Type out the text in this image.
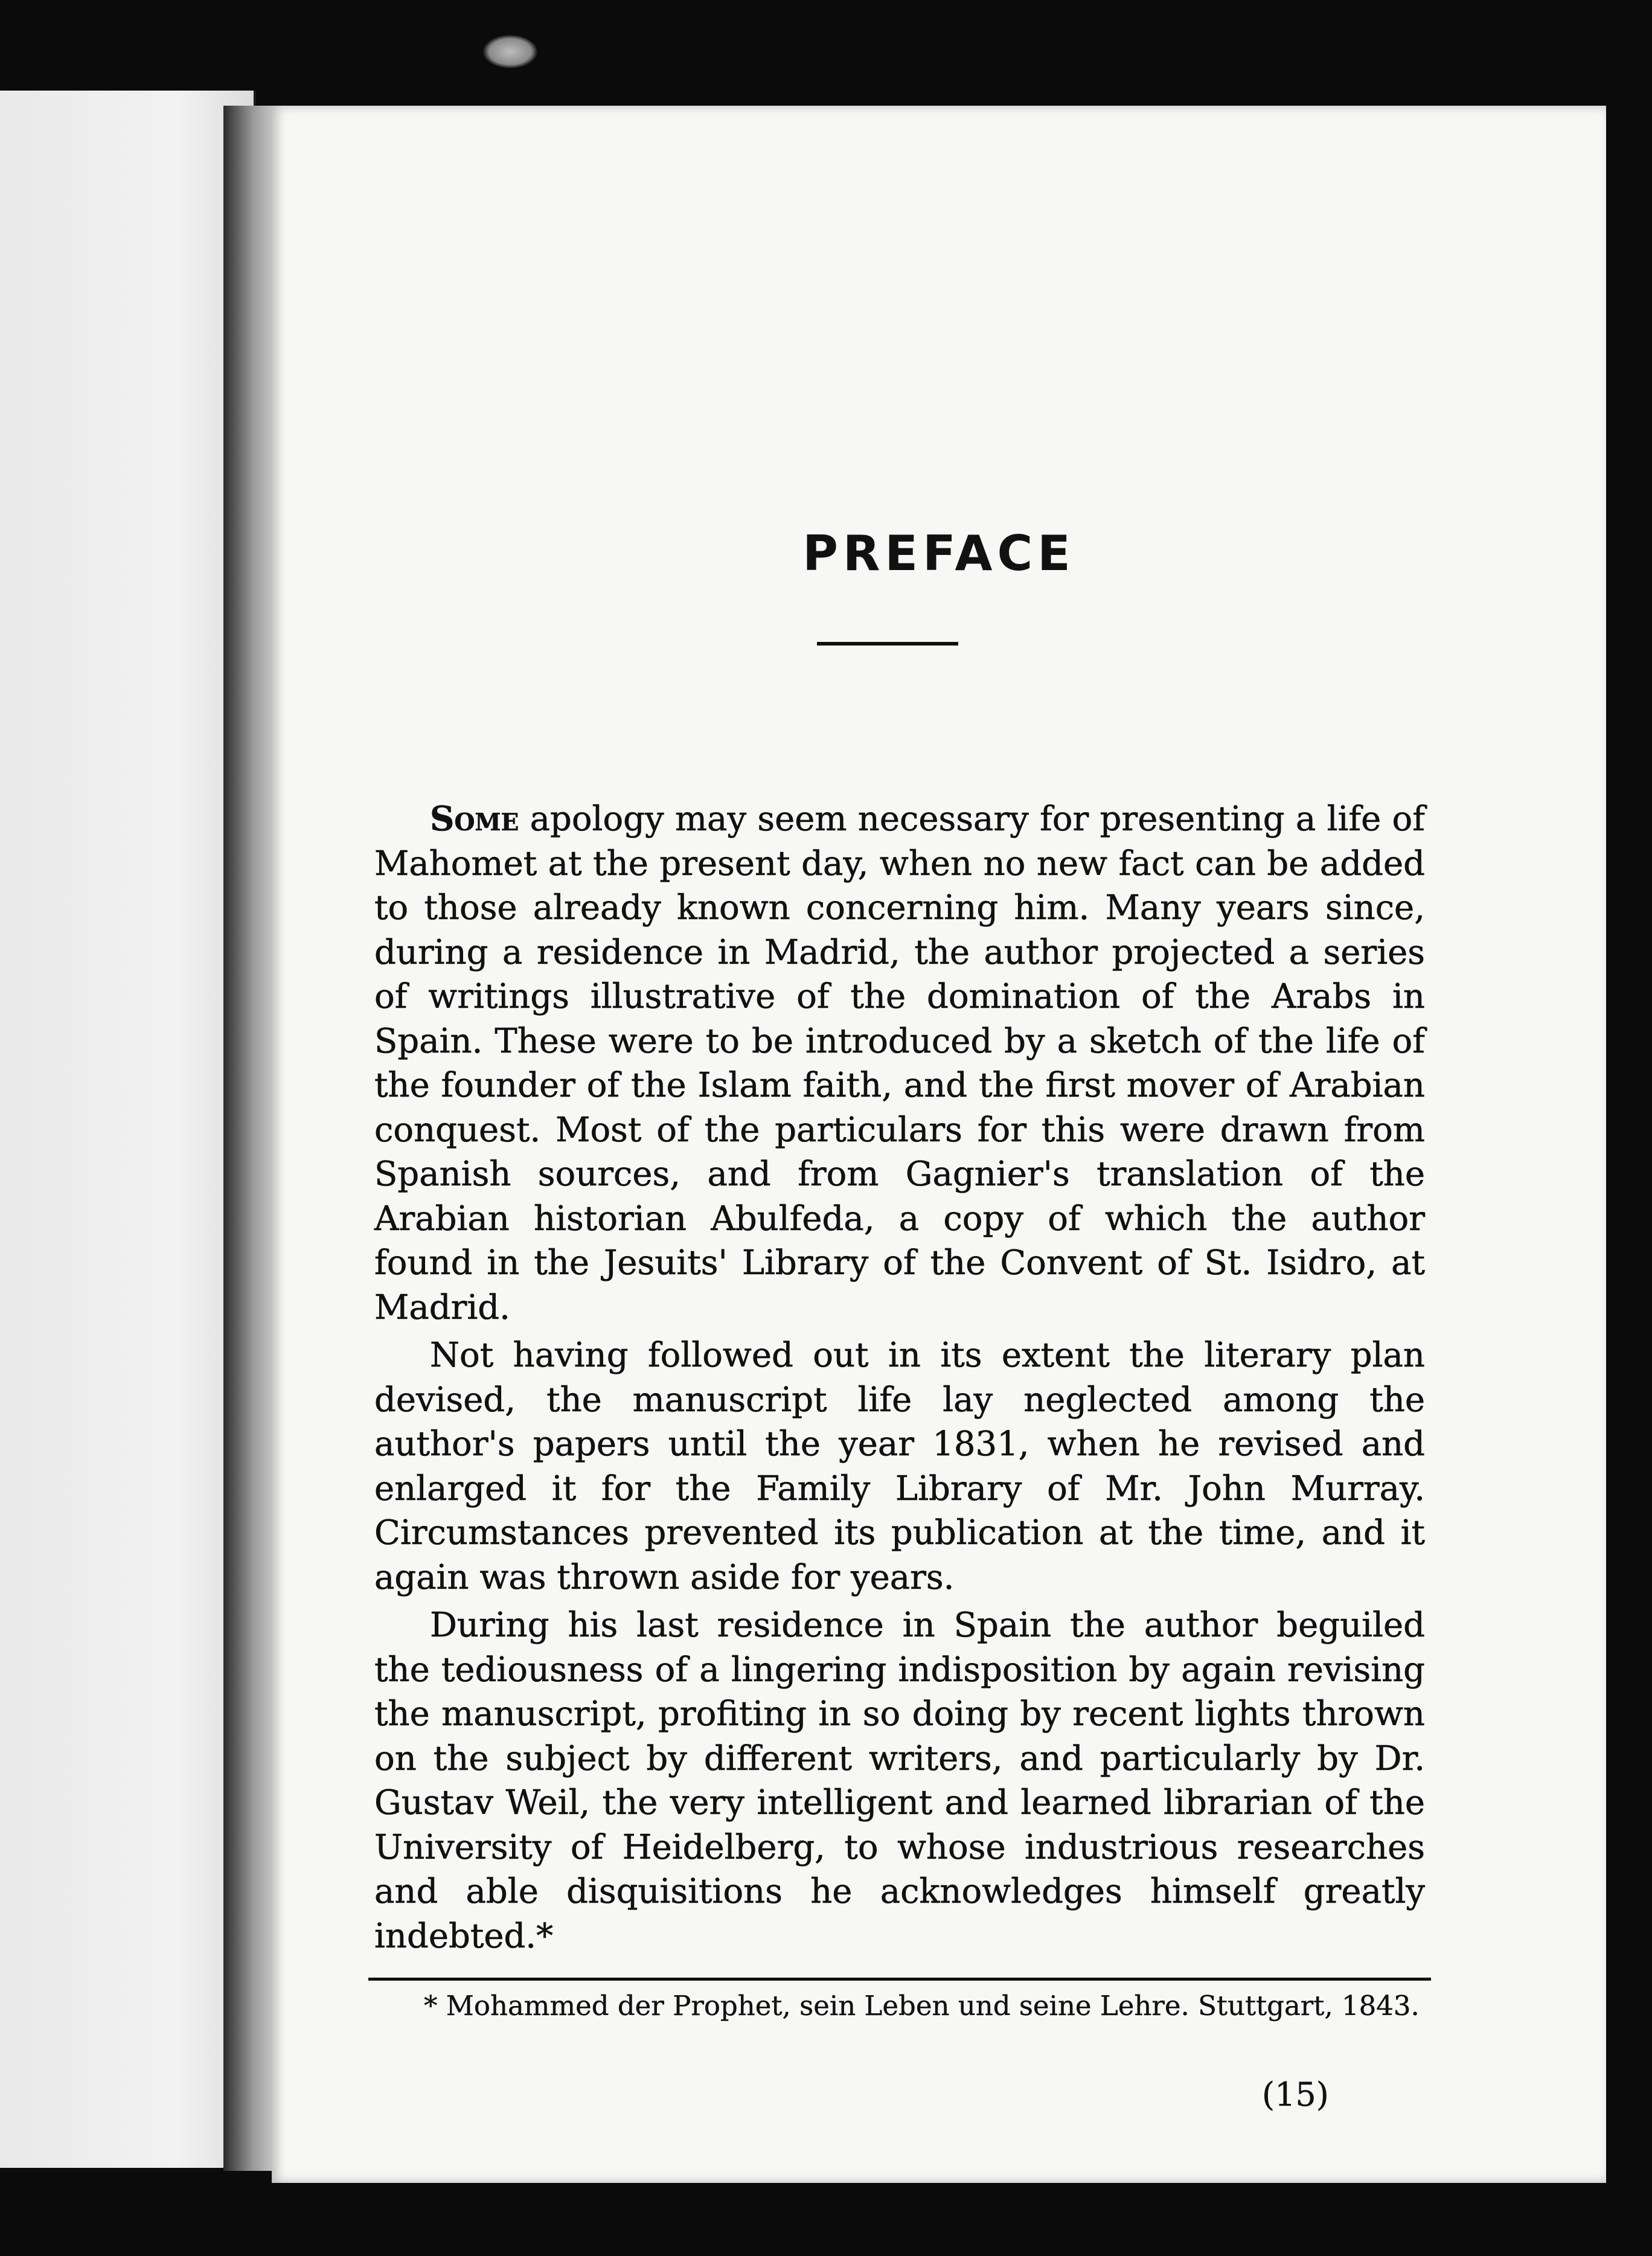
PREFACE

Some apology may seem necessary for presenting a life of Mahomet at the present day, when no new fact can be added to those already known concerning him. Many years since, during a residence in Madrid, the author projected a series of writings illustrative of the domination of the Arabs in Spain. These were to be introduced by a sketch of the life of the founder of the Islam faith, and the first mover of Arabian conquest. Most of the particulars for this were drawn from Spanish sources, and from Gagnier's translation of the Arabian historian Abulfeda, a copy of which the author found in the Jesuits' Library of the Convent of St. Isidro, at Madrid.

Not having followed out in its extent the literary plan devised, the manuscript life lay neglected among the author's papers until the year 1831, when he revised and enlarged it for the Family Library of Mr. John Murray. Circumstances prevented its publication at the time, and it again was thrown aside for years.

During his last residence in Spain the author beguiled the tediousness of a lingering indisposition by again revising the manuscript, profiting in so doing by recent lights thrown on the subject by different writers, and particularly by Dr. Gustav Weil, the very intelligent and learned librarian of the University of Heidelberg, to whose industrious researches and able disquisitions he acknowledges himself greatly indebted.*

* Mohammed der Prophet, sein Leben und seine Lehre. Stuttgart, 1843.
(15)
